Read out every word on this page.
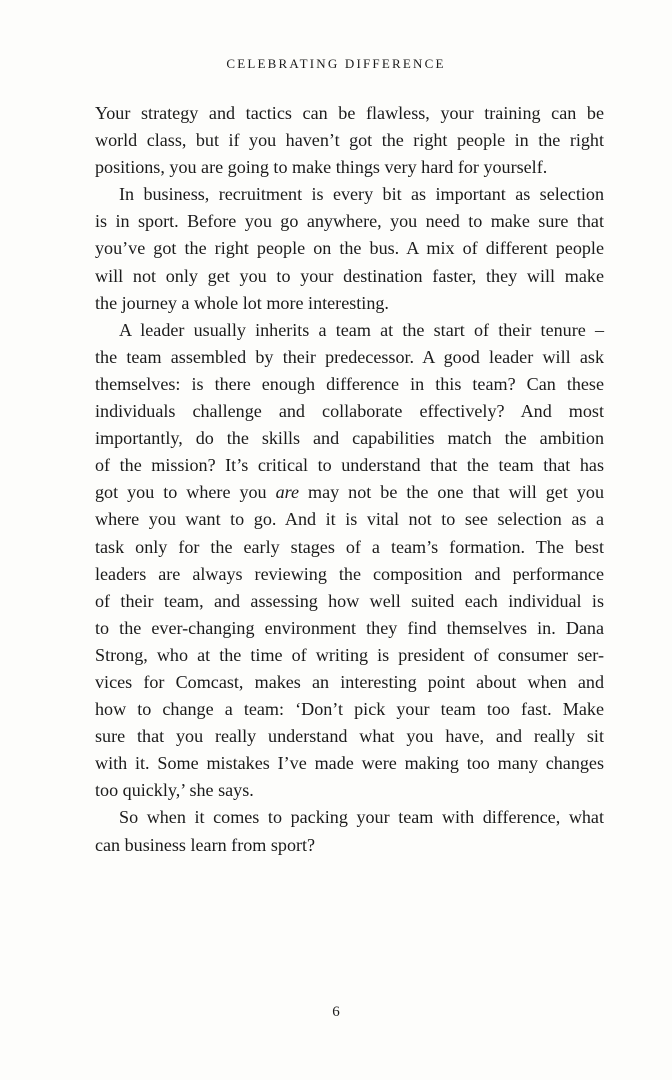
CELEBRATING DIFFERENCE

Your strategy and tactics can be flawless, your training can be
world class, but if you haven’t got the right people in the right
positions, you are going to make things very hard for yourself.

In business, recruitment is every bit as important as selection
is in sport. Before you go anywhere, you need to make sure that
you’ve got the right people on the bus. A mix of different people
will not only get you to your destination faster, they will make
the journey a whole lot more interesting.

A leader usually inherits a team at the start of their tenure –
the team assembled by their predecessor. A good leader will ask
themselves: is there enough difference in this team? Can these
individuals challenge and collaborate effectively? And most
importantly, do the skills and capabilities match the ambition
of the mission? It’s critical to understand that the team that has
got you to where you are may not be the one that will get you
where you want to go. And it is vital not to see selection as a
task only for the early stages of a team’s formation. The best
leaders are always reviewing the composition and performance
of their team, and assessing how well suited each individual is
to the ever-changing environment they find themselves in. Dana
Strong, who at the time of writing is president of consumer ser-
vices for Comcast, makes an interesting point about when and
how to change a team: ‘Don’t pick your team too fast. Make
sure that you really understand what you have, and really sit
with it. Some mistakes I’ve made were making too many changes
too quickly,’ she says.

So when it comes to packing your team with difference, what
can business learn from sport?

6
